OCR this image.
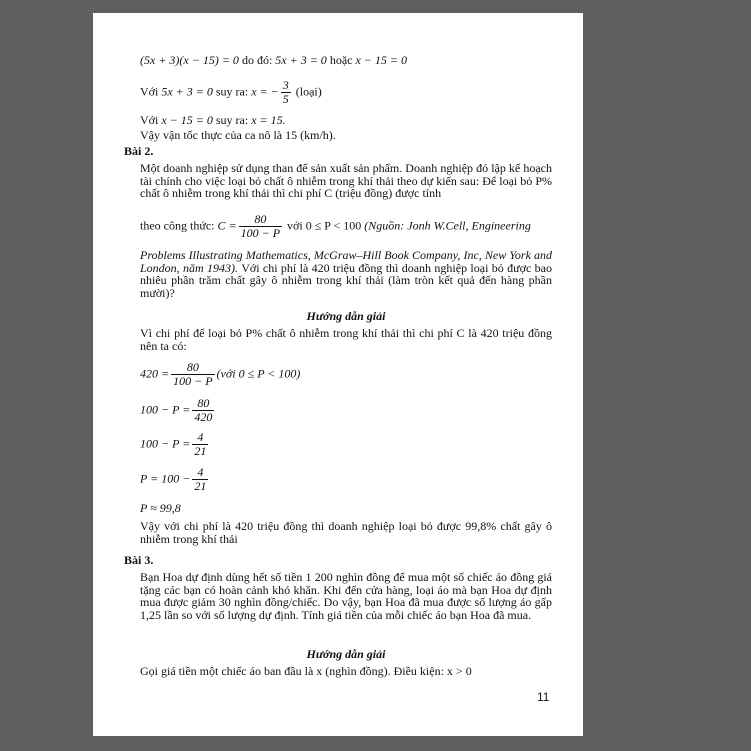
(5x + 3)(x − 15) = 0 do đó: 5x + 3 = 0 hoặc x − 15 = 0
Với 5x + 3 = 0 suy ra: x = − $\frac{3}{5}$ (loại)
Với x − 15 = 0 suy ra: x = 15.
Vậy vận tốc thực của ca nô là 15 (km/h).
Bài 2.
Một doanh nghiệp sử dụng than để sản xuất sản phẩm. Doanh nghiệp đó lập kế hoạch tài chính cho việc loại bỏ chất ô nhiễm trong khí thải theo dự kiến sau: Để loại bỏ P% chất ô nhiễm trong khí thải thì chi phí C (triệu đồng) được tính
theo công thức: $C = \frac{80}{100 - P}$ với 0 ≤ P < 100 (Nguồn: Jonh W.Cell, Engineering
Problems Illustrating Mathematics, McGraw–Hill Book Company, Inc, New York and London, năm 1943). Với chi phí là 420 triệu đồng thì doanh nghiệp loại bỏ được bao nhiêu phần trăm chất gây ô nhiễm trong khí thải (làm tròn kết quả đến hàng phần mười)?
Hướng dẫn giải
Vì chi phí để loại bỏ P% chất ô nhiễm trong khí thải thì chi phí C là 420 triệu đồng nên ta có:
$420 = \frac{80}{100 - P}$ (với 0 ≤ P < 100)
$100 - P = \frac{80}{420}$
$100 - P = \frac{4}{21}$
$P = 100 - \frac{4}{21}$
P ≈ 99,8
Vậy với chi phí là 420 triệu đồng thì doanh nghiệp loại bỏ được 99,8% chất gây ô nhiễm trong khí thải
Bài 3.
Bạn Hoa dự định dùng hết số tiền 1 200 nghìn đồng để mua một số chiếc áo đồng giá tặng các bạn có hoàn cảnh khó khăn. Khi đến cửa hàng, loại áo mà bạn Hoa dự định mua được giảm 30 nghìn đồng/chiếc. Do vậy, bạn Hoa đã mua được số lượng áo gấp 1,25 lần so với số lượng dự định. Tính giá tiền của mỗi chiếc áo bạn Hoa đã mua.
Hướng dẫn giải
Gọi giá tiền một chiếc áo ban đầu là x (nghìn đồng). Điều kiện: x > 0
11
